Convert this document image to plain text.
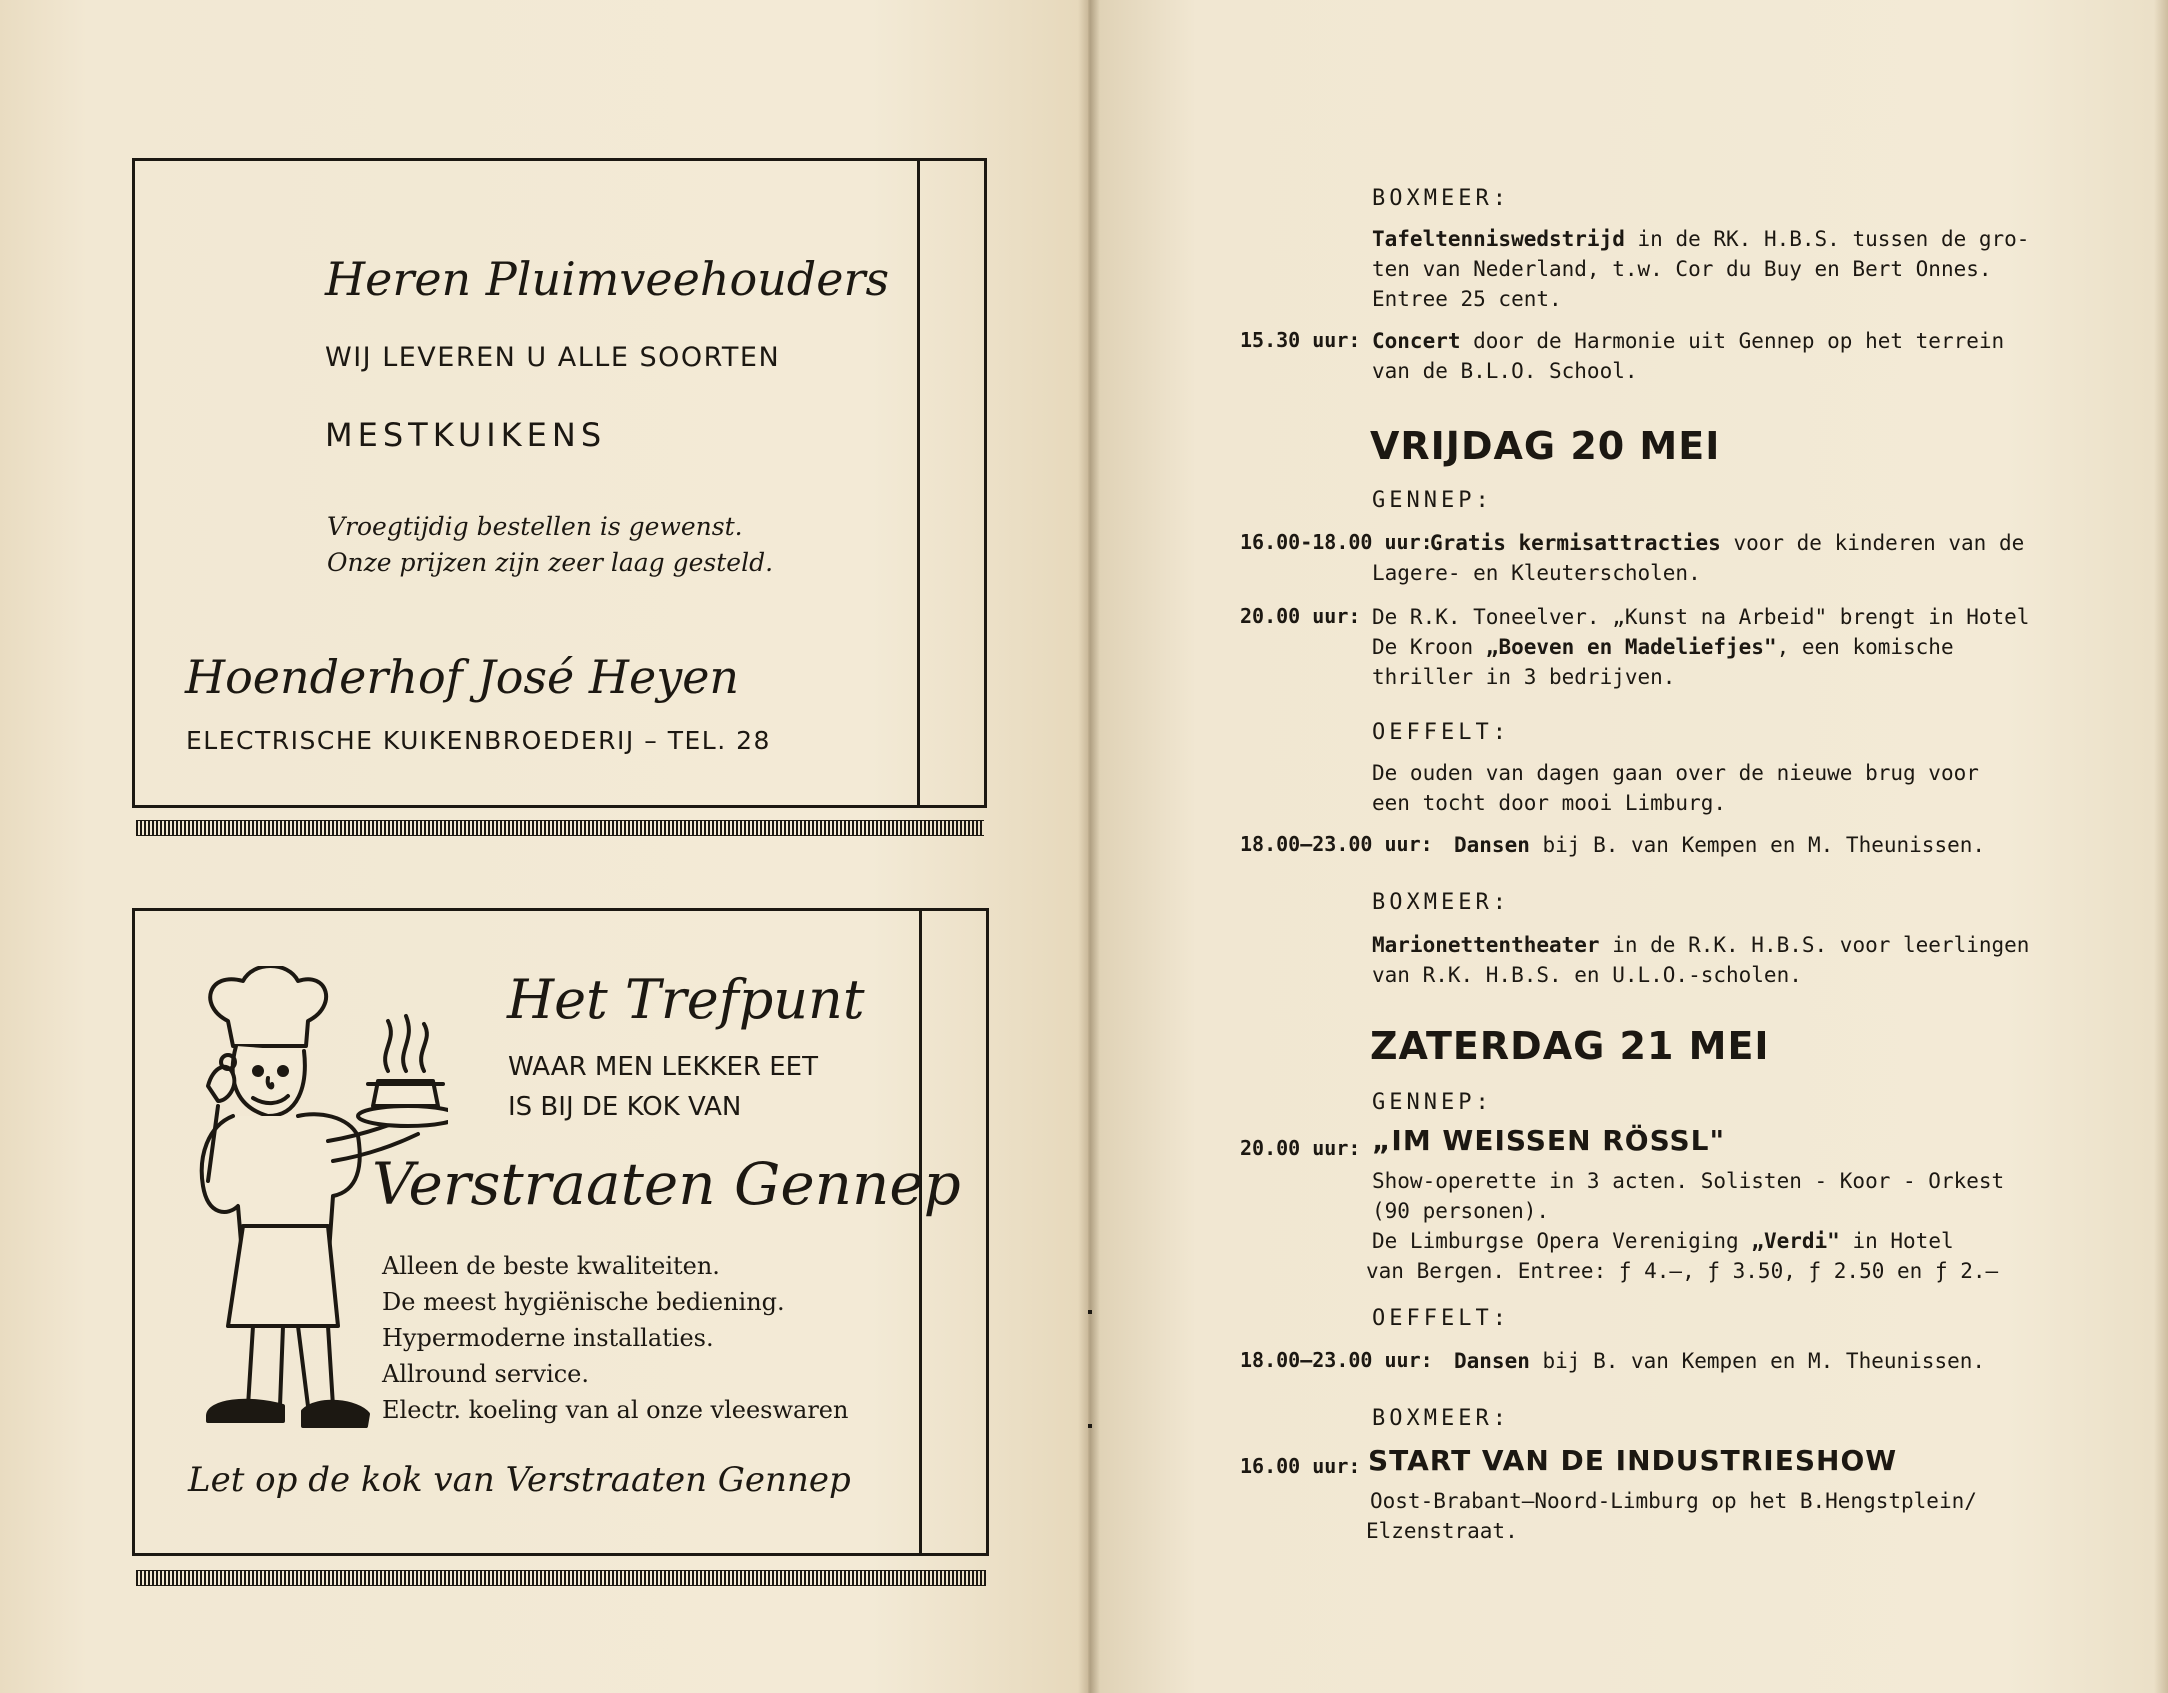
Heren Pluimveehouders
WIJ LEVEREN U ALLE SOORTEN
MESTKUIKENS
Vroegtijdig bestellen is gewenst.
Onze prijzen zijn zeer laag gesteld.
Hoenderhof José Heyen
ELECTRISCHE KUIKENBROEDERIJ – TEL. 28
Het Trefpunt
WAAR MEN LEKKER EET
IS BIJ DE KOK VAN
Verstraaten Gennep
Alleen de beste kwaliteiten.
De meest hygiënische bediening.
Hypermoderne installaties.
Allround service.
Electr. koeling van al onze vleeswaren
Let op de kok van Verstraaten Gennep
BOXMEER:
Tafeltenniswedstrijd in de RK. H.B.S. tussen de gro-
ten van Nederland, t.w. Cor du Buy en Bert Onnes.
Entree 25 cent.
15.30 uur: Concert door de Harmonie uit Gennep op het terrein
van de B.L.O. School.
VRIJDAG 20 MEI
GENNEP:
16.00-18.00 uur:
Gratis kermisattracties voor de kinderen van de
Lagere- en Kleuterscholen.
20.00 uur: De R.K. Toneelver. „Kunst na Arbeid" brengt in Hotel
De Kroon „Boeven en Madeliefjes", een komische
thriller in 3 bedrijven.
OEFFELT:
De ouden van dagen gaan over de nieuwe brug voor
een tocht door mooi Limburg.
18.00—23.00 uur: Dansen bij B. van Kempen en M. Theunissen.
BOXMEER:
Marionettentheater in de R.K. H.B.S. voor leerlingen
van R.K. H.B.S. en U.L.O.-scholen.
ZATERDAG 21 MEI
GENNEP:
20.00 uur: „IM WEISSEN RÖSSL"
Show-operette in 3 acten. Solisten - Koor - Orkest
(90 personen).
De Limburgse Opera Vereniging „Verdi" in Hotel
van Bergen. Entree: ƒ 4.—, ƒ 3.50, ƒ 2.50 en ƒ 2.—
OEFFELT:
18.00—23.00 uur: Dansen bij B. van Kempen en M. Theunissen.
BOXMEER:
16.00 uur: START VAN DE INDUSTRIESHOW
Oost-Brabant—Noord-Limburg op het B.Hengstplein/
Elzenstraat.
